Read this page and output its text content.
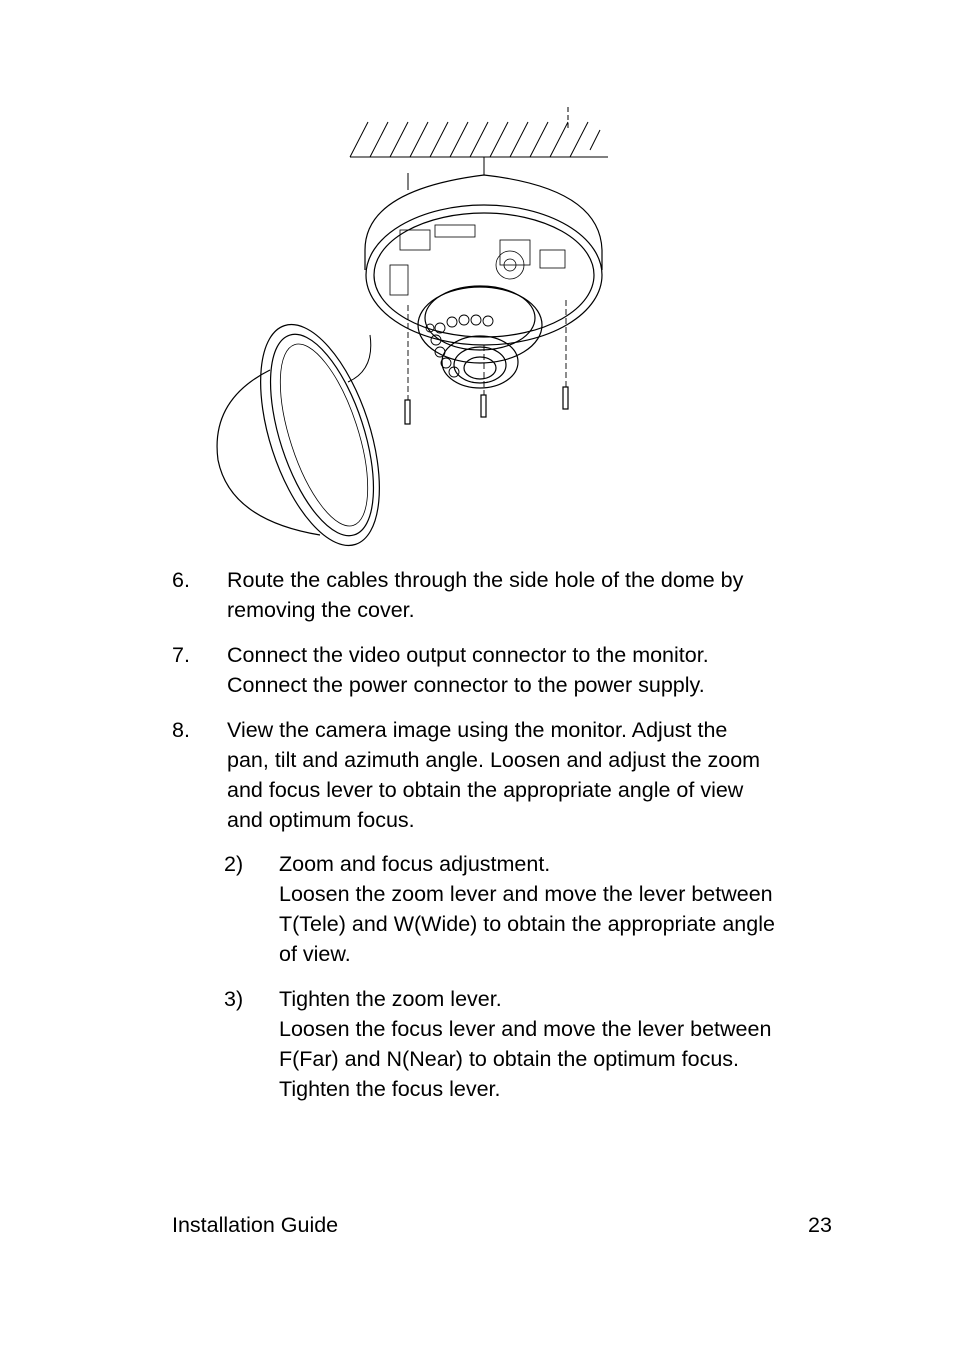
6. Route the cables through the side hole of the dome by
removing the cover.
7. Connect the video output connector to the monitor.
Connect the power connector to the power supply.
8. View the camera image using the monitor. Adjust the
pan, tilt and azimuth angle. Loosen and adjust the zoom
and focus lever to obtain the appropriate angle of view
and optimum focus.
2) Zoom and focus adjustment.
Loosen the zoom lever and move the lever between
T(Tele) and W(Wide) to obtain the appropriate angle
of view.
3) Tighten the zoom lever.
Loosen the focus lever and move the lever between
F(Far) and N(Near) to obtain the optimum focus.
Tighten the focus lever.
Installation Guide	23
